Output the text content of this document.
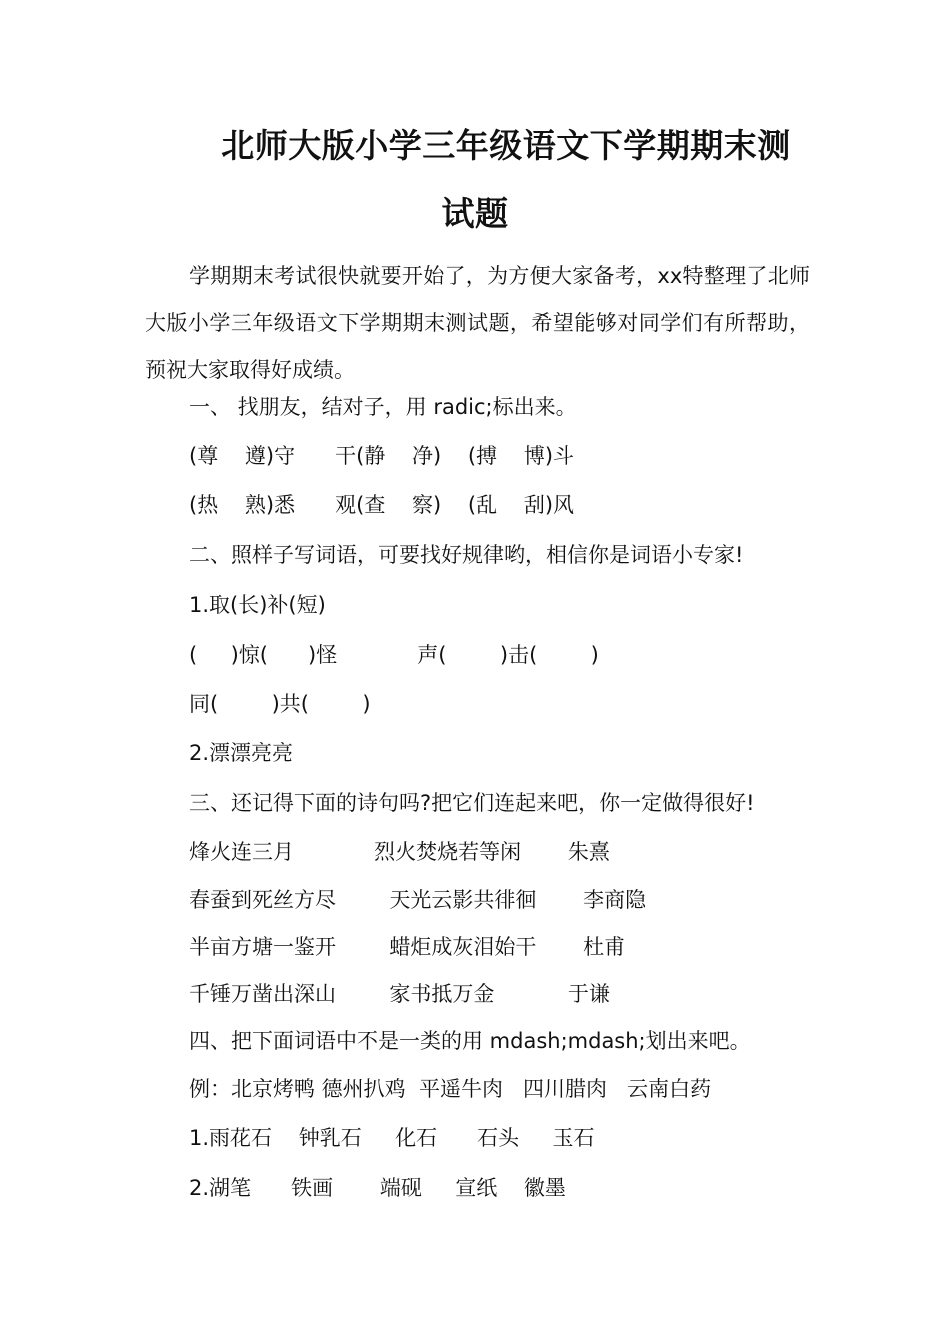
北师大版小学三年级语文下学期期末测
试题

学期期末考试很快就要开始了，为方便大家备考，xx特整理了北师大版小学三年级语文下学期期末测试题，希望能够对同学们有所帮助，预祝大家取得好成绩。

一、 找朋友，结对子，用 radic;标出来。
(尊    遵)守      干(静    净)    (搏    博)斗
(热    熟)悉      观(查    察)    (乱    刮)风
二、照样子写词语，可要找好规律哟，相信你是词语小专家!
1.取(长)补(短)
(     )惊(      )怪            声(        )击(        )
同(        )共(        )
2.漂漂亮亮
三、还记得下面的诗句吗?把它们连起来吧，你一定做得很好!
烽火连三月            烈火焚烧若等闲       朱熹
春蚕到死丝方尽        天光云影共徘徊       李商隐
半亩方塘一鉴开        蜡炬成灰泪始干       杜甫
千锤万凿出深山        家书抵万金           于谦
四、把下面词语中不是一类的用 mdash;mdash;划出来吧。
例：北京烤鸭 德州扒鸡  平遥牛肉   四川腊肉   云南白药
1.雨花石    钟乳石     化石      石头     玉石
2.湖笔      铁画       端砚     宣纸    徽墨
